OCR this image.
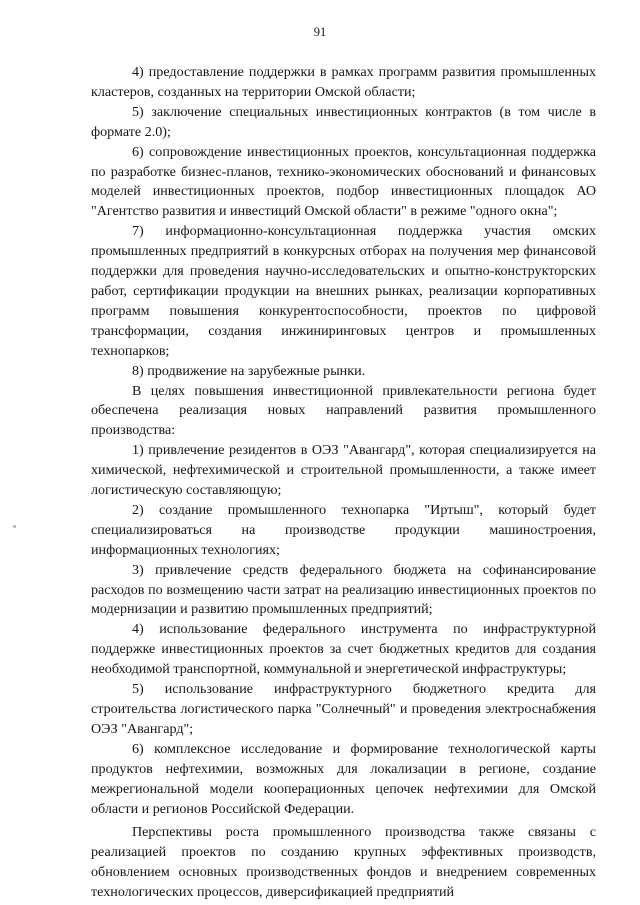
91

4) предоставление поддержки в рамках программ развития промышленных кластеров, созданных на территории Омской области;

5) заключение специальных инвестиционных контрактов (в том числе в формате 2.0);

6) сопровождение инвестиционных проектов, консультационная поддержка по разработке бизнес-планов, технико-экономических обоснований и финансовых моделей инвестиционных проектов, подбор инвестиционных площадок АО "Агентство развития и инвестиций Омской области" в режиме "одного окна";

7) информационно-консультационная поддержка участия омских промышленных предприятий в конкурсных отборах на получения мер финансовой поддержки для проведения научно-исследовательских и опытно-конструкторских работ, сертификации продукции на внешних рынках, реализации корпоративных программ повышения конкурентоспособности, проектов по цифровой трансформации, создания инжиниринговых центров и промышленных технопарков;

8) продвижение на зарубежные рынки.

В целях повышения инвестиционной привлекательности региона будет обеспечена реализация новых направлений развития промышленного производства:

1) привлечение резидентов в ОЭЗ "Авангард", которая специализируется на химической, нефтехимической и строительной промышленности, а также имеет логистическую составляющую;

2) создание промышленного технопарка "Иртыш", который будет специализироваться на производстве продукции машиностроения, информационных технологиях;

3) привлечение средств федерального бюджета на софинансирование расходов по возмещению части затрат на реализацию инвестиционных проектов по модернизации и развитию промышленных предприятий;

4) использование федерального инструмента по инфраструктурной поддержке инвестиционных проектов за счет бюджетных кредитов для создания необходимой транспортной, коммунальной и энергетической инфраструктуры;

5) использование инфраструктурного бюджетного кредита для строительства логистического парка "Солнечный" и проведения электроснабжения ОЭЗ "Авангард";

6) комплексное исследование и формирование технологической карты продуктов нефтехимии, возможных для локализации в регионе, создание межрегиональной модели кооперационных цепочек нефтехимии для Омской области и регионов Российской Федерации.

Перспективы роста промышленного производства также связаны с реализацией проектов по созданию крупных эффективных производств, обновлением основных производственных фондов и внедрением современных технологических процессов, диверсификацией предприятий
